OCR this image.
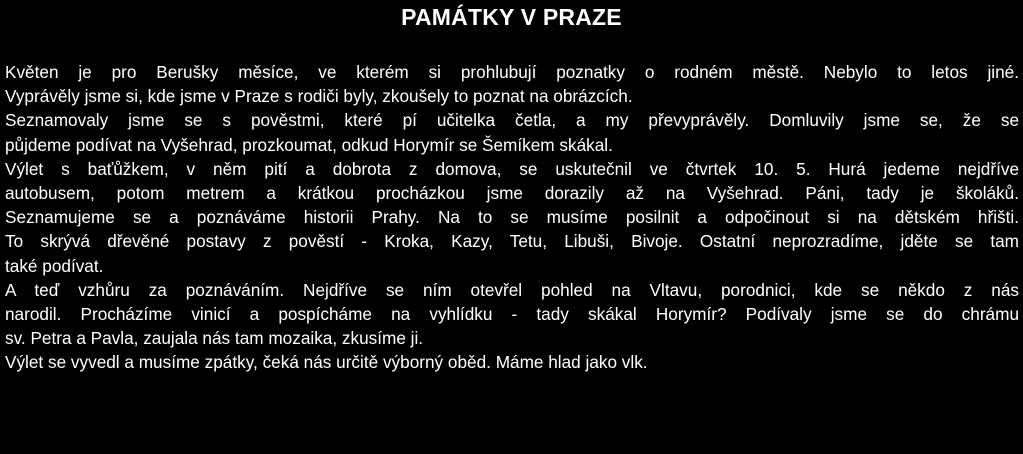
PAMÁTKY V PRAZE
Květen je pro Berušky měsíce, ve kterém si prohlubují poznatky o rodném městě. Nebylo to letos jiné.
Vyprávěly jsme si, kde jsme v Praze s rodiči byly, zkoušely to poznat na obrázcích.
Seznamovaly jsme se s pověstmi, které pí učitelka četla, a my převyprávěly. Domluvily jsme se, že se
půjdeme podívat na Vyšehrad, prozkoumat, odkud Horymír se Šemíkem skákal.
Výlet s baťůžkem, v něm pití a dobrota z domova, se uskutečnil ve čtvrtek 10. 5. Hurá jedeme nejdříve
autobusem, potom metrem a krátkou procházkou jsme dorazily až na Vyšehrad. Páni, tady je školáků.
Seznamujeme se a poznáváme historii Prahy. Na to se musíme posilnit a odpočinout si na dětském hřišti.
To skrývá dřevěné postavy z pověstí - Kroka, Kazy, Tetu, Libuši, Bivoje. Ostatní neprozradíme, jděte se tam
také podívat.
A teď vzhůru za poznáváním. Nejdříve se ním otevřel pohled na Vltavu, porodnici, kde se někdo z nás
narodil. Procházíme vinicí a pospícháme na vyhlídku - tady skákal Horymír? Podívaly jsme se do chrámu
sv. Petra a Pavla, zaujala nás tam mozaika, zkusíme ji.
Výlet se vyvedl a musíme zpátky, čeká nás určitě výborný oběd. Máme hlad jako vlk.
